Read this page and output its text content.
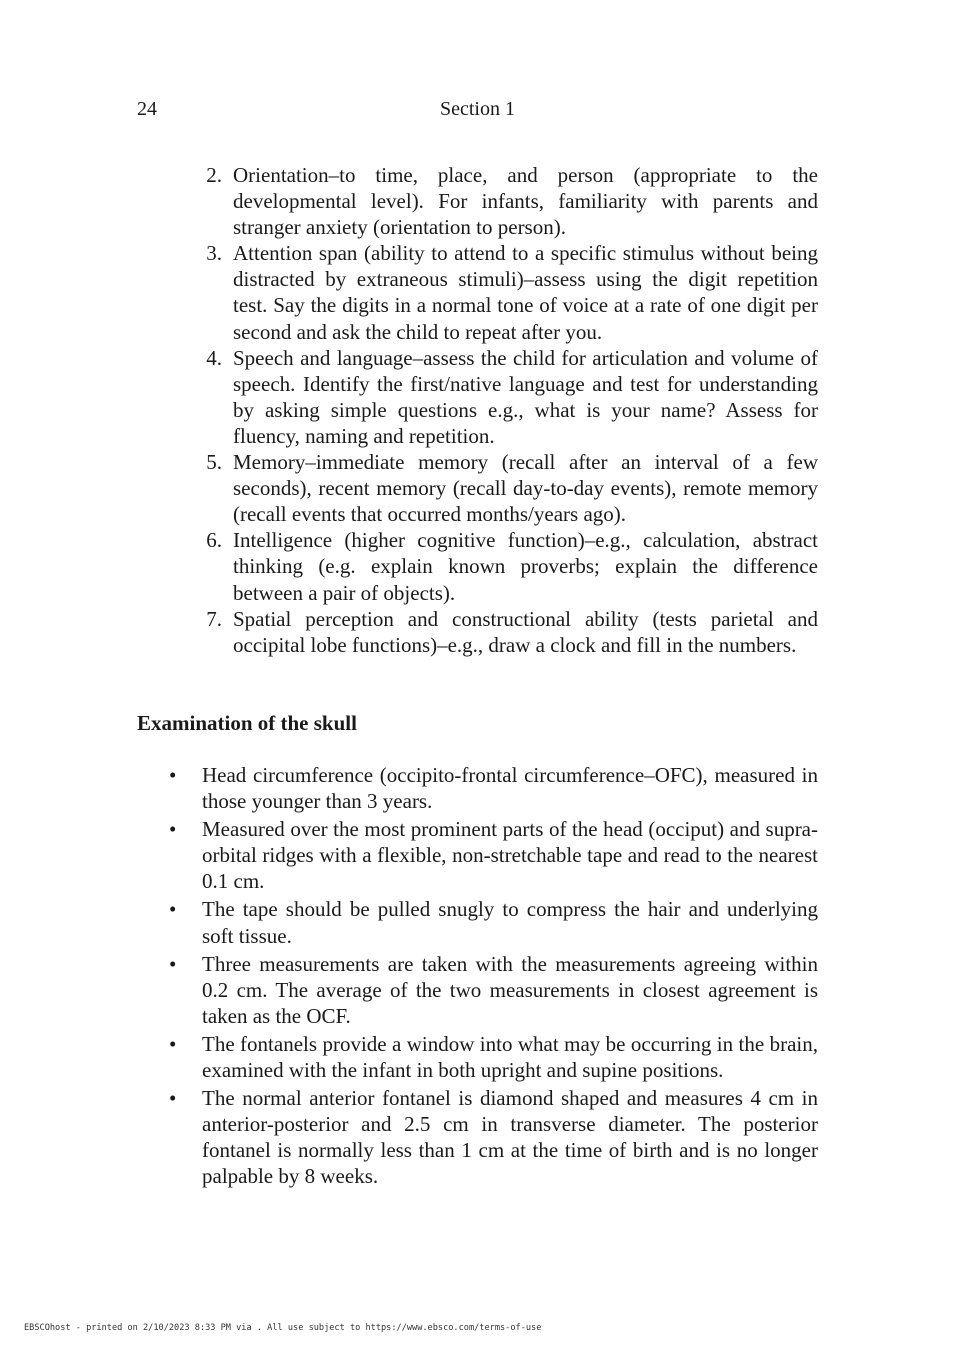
24	Section 1
2. Orientation–to time, place, and person (appropriate to the developmental level). For infants, familiarity with parents and stranger anxiety (orientation to person).
3. Attention span (ability to attend to a specific stimulus without being distracted by extraneous stimuli)–assess using the digit repetition test. Say the digits in a normal tone of voice at a rate of one digit per second and ask the child to repeat after you.
4. Speech and language–assess the child for articulation and volume of speech. Identify the first/native language and test for understanding by asking simple questions e.g., what is your name? Assess for fluency, naming and repetition.
5. Memory–immediate memory (recall after an interval of a few seconds), recent memory (recall day-to-day events), remote memory (recall events that occurred months/years ago).
6. Intelligence (higher cognitive function)–e.g., calculation, abstract thinking (e.g. explain known proverbs; explain the difference between a pair of objects).
7. Spatial perception and constructional ability (tests parietal and occipital lobe functions)–e.g., draw a clock and fill in the numbers.
Examination of the skull
• Head circumference (occipito-frontal circumference–OFC), measured in those younger than 3 years.
• Measured over the most prominent parts of the head (occiput) and supra-orbital ridges with a flexible, non-stretchable tape and read to the nearest 0.1 cm.
• The tape should be pulled snugly to compress the hair and underlying soft tissue.
• Three measurements are taken with the measurements agreeing within 0.2 cm. The average of the two measurements in closest agreement is taken as the OCF.
• The fontanels provide a window into what may be occurring in the brain, examined with the infant in both upright and supine positions.
• The normal anterior fontanel is diamond shaped and measures 4 cm in anterior-posterior and 2.5 cm in transverse diameter. The posterior fontanel is normally less than 1 cm at the time of birth and is no longer palpable by 8 weeks.
EBSCOhost - printed on 2/10/2023 8:33 PM via . All use subject to https://www.ebsco.com/terms-of-use
